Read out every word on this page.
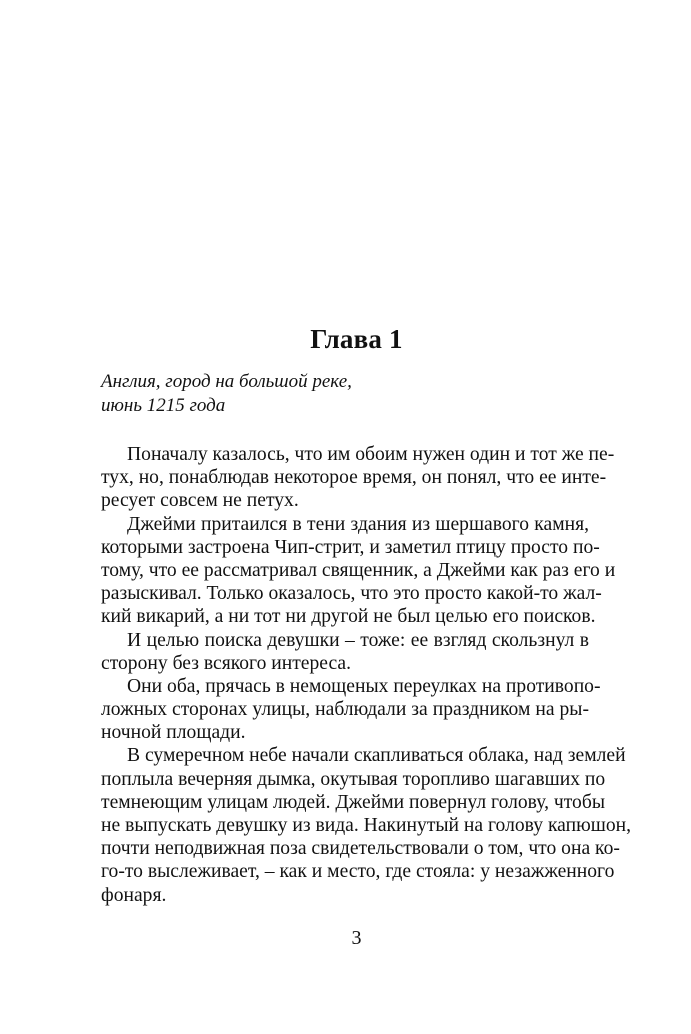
Глава 1
Англия, город на большой реке,
июнь 1215 года
Поначалу казалось, что им обоим нужен один и тот же пе-
тух, но, понаблюдав некоторое время, он понял, что ее инте-
ресует совсем не петух.
Джейми притаился в тени здания из шершавого камня,
которыми застроена Чип-стрит, и заметил птицу просто по-
тому, что ее рассматривал священник, а Джейми как раз его и
разыскивал. Только оказалось, что это просто какой-то жал-
кий викарий, а ни тот ни другой не был целью его поисков.
И целью поиска девушки – тоже: ее взгляд скользнул в
сторону без всякого интереса.
Они оба, прячась в немощеных переулках на противопо-
ложных сторонах улицы, наблюдали за праздником на ры-
ночной площади.
В сумеречном небе начали скапливаться облака, над землей
поплыла вечерняя дымка, окутывая торопливо шагавших по
темнеющим улицам людей. Джейми повернул голову, чтобы
не выпускать девушку из вида. Накинутый на голову капюшон,
почти неподвижная поза свидетельствовали о том, что она ко-
го-то выслеживает, – как и место, где стояла: у незажженного
фонаря.
3
